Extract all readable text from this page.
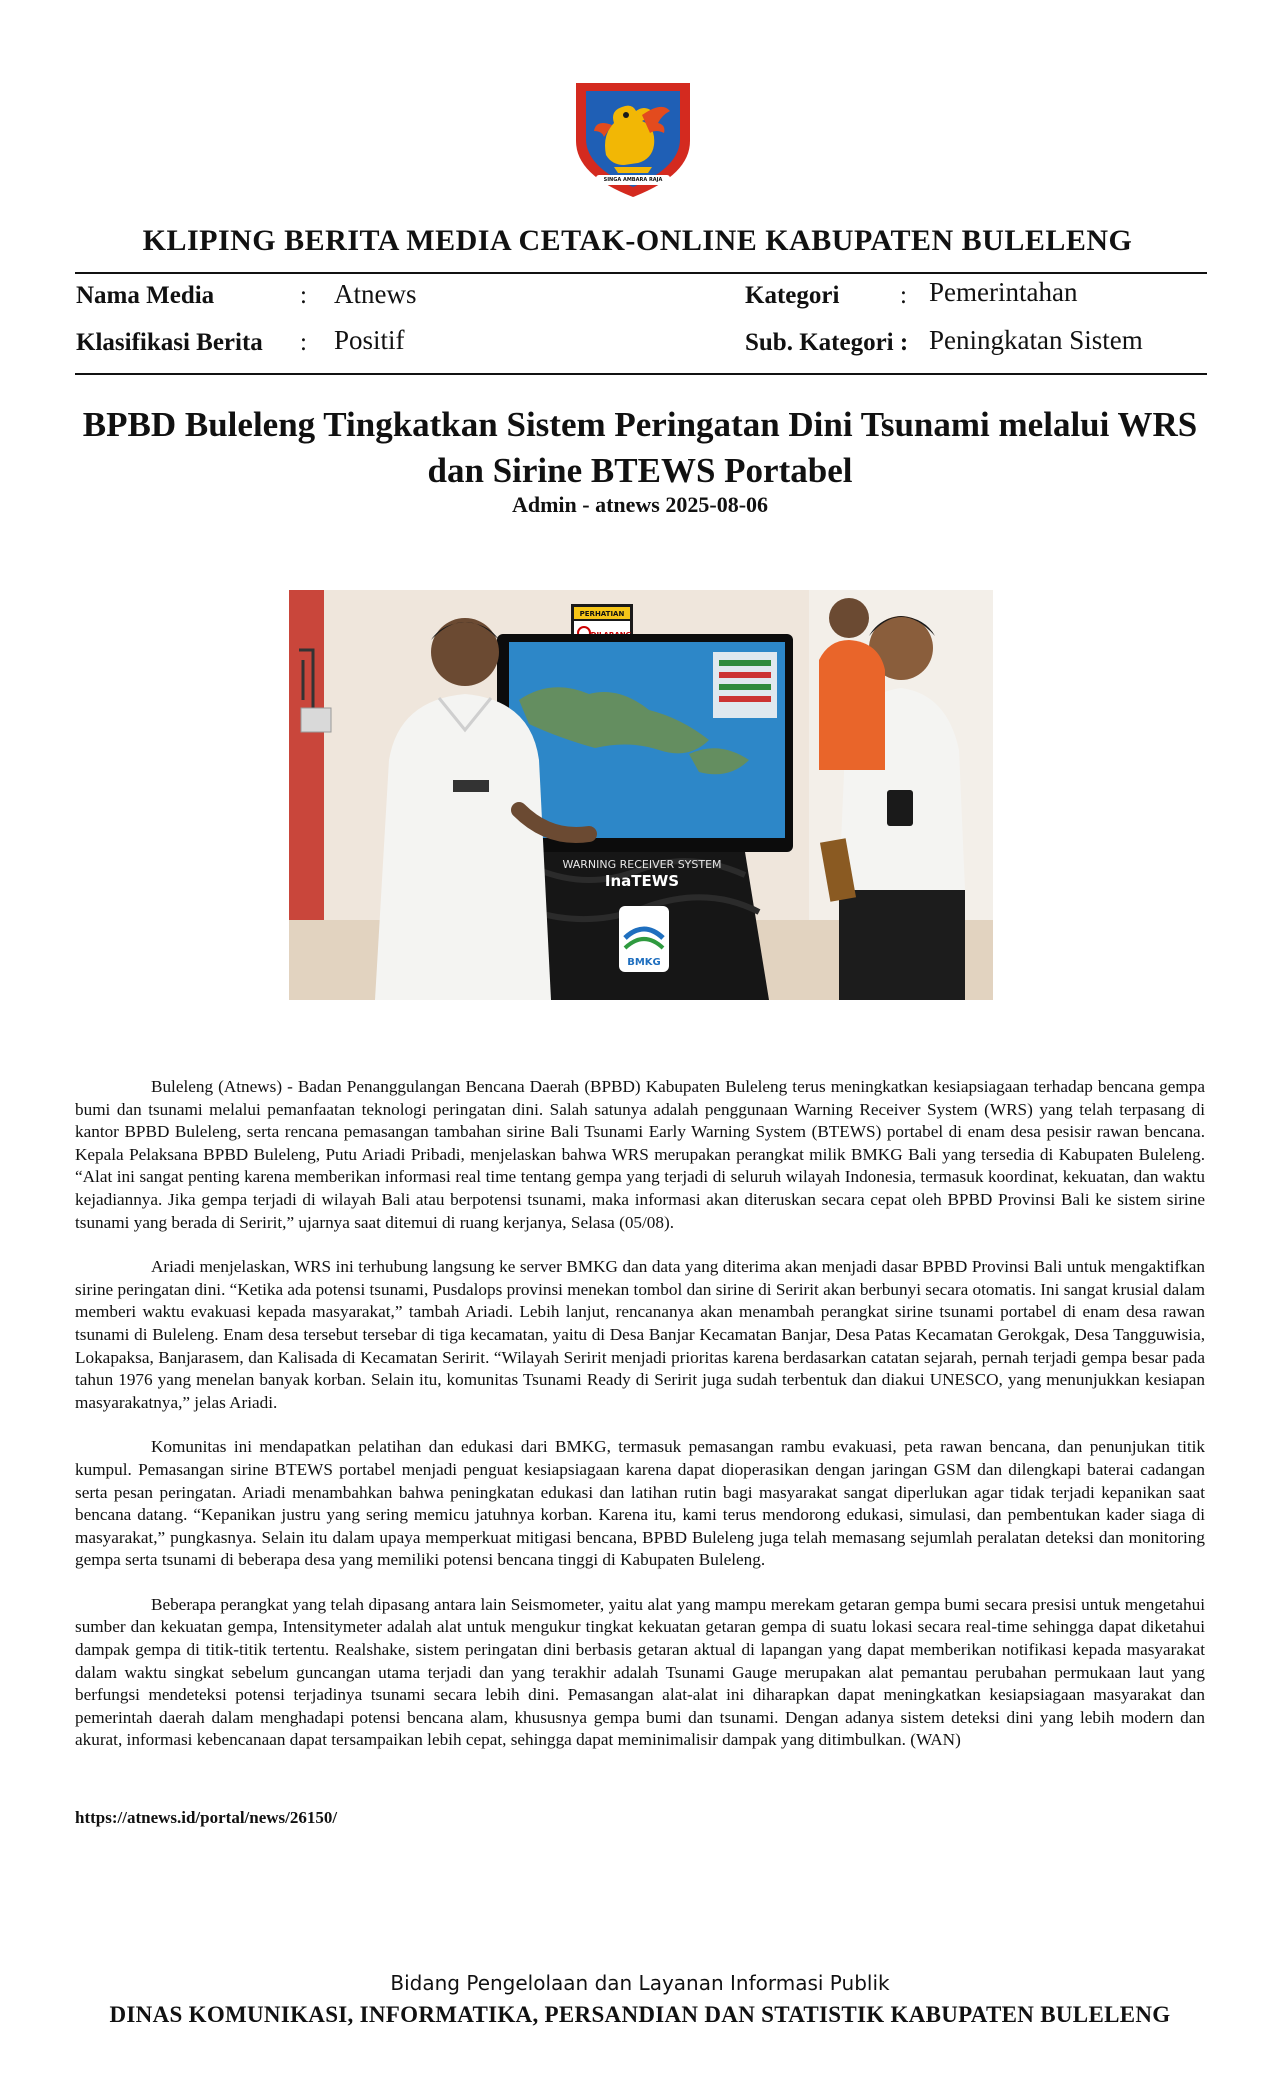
SINGA AMBARA RAJA
KLIPING BERITA MEDIA CETAK-ONLINE KABUPATEN BULELENG
Nama Media	: Atnews	Kategori : Pemerintahan
Klasifikasi Berita : Positif	Sub. Kategori : Peningkatan Sistem
BPBD Buleleng Tingkatkan Sistem Peringatan Dini Tsunami melalui WRS dan Sirine BTEWS Portabel
Admin - atnews 2025-08-06
PERHATIAN
WARNING RECEIVER SYSTEM
InaTEWS
BMKG

Buleleng (Atnews) - Badan Penanggulangan Bencana Daerah (BPBD) Kabupaten Buleleng terus meningkatkan kesiapsiagaan terhadap bencana gempa bumi dan tsunami melalui pemanfaatan teknologi peringatan dini. Salah satunya adalah penggunaan Warning Receiver System (WRS) yang telah terpasang di kantor BPBD Buleleng, serta rencana pemasangan tambahan sirine Bali Tsunami Early Warning System (BTEWS) portabel di enam desa pesisir rawan bencana. Kepala Pelaksana BPBD Buleleng, Putu Ariadi Pribadi, menjelaskan bahwa WRS merupakan perangkat milik BMKG Bali yang tersedia di Kabupaten Buleleng. “Alat ini sangat penting karena memberikan informasi real time tentang gempa yang terjadi di seluruh wilayah Indonesia, termasuk koordinat, kekuatan, dan waktu kejadiannya. Jika gempa terjadi di wilayah Bali atau berpotensi tsunami, maka informasi akan diteruskan secara cepat oleh BPBD Provinsi Bali ke sistem sirine tsunami yang berada di Seririt,” ujarnya saat ditemui di ruang kerjanya, Selasa (05/08).

Ariadi menjelaskan, WRS ini terhubung langsung ke server BMKG dan data yang diterima akan menjadi dasar BPBD Provinsi Bali untuk mengaktifkan sirine peringatan dini. “Ketika ada potensi tsunami, Pusdalops provinsi menekan tombol dan sirine di Seririt akan berbunyi secara otomatis. Ini sangat krusial dalam memberi waktu evakuasi kepada masyarakat,” tambah Ariadi. Lebih lanjut, rencananya akan menambah perangkat sirine tsunami portabel di enam desa rawan tsunami di Buleleng. Enam desa tersebut tersebar di tiga kecamatan, yaitu di Desa Banjar Kecamatan Banjar, Desa Patas Kecamatan Gerokgak, Desa Tangguwisia, Lokapaksa, Banjarasem, dan Kalisada di Kecamatan Seririt. “Wilayah Seririt menjadi prioritas karena berdasarkan catatan sejarah, pernah terjadi gempa besar pada tahun 1976 yang menelan banyak korban. Selain itu, komunitas Tsunami Ready di Seririt juga sudah terbentuk dan diakui UNESCO, yang menunjukkan kesiapan masyarakatnya,” jelas Ariadi.

Komunitas ini mendapatkan pelatihan dan edukasi dari BMKG, termasuk pemasangan rambu evakuasi, peta rawan bencana, dan penunjukan titik kumpul. Pemasangan sirine BTEWS portabel menjadi penguat kesiapsiagaan karena dapat dioperasikan dengan jaringan GSM dan dilengkapi baterai cadangan serta pesan peringatan. Ariadi menambahkan bahwa peningkatan edukasi dan latihan rutin bagi masyarakat sangat diperlukan agar tidak terjadi kepanikan saat bencana datang. “Kepanikan justru yang sering memicu jatuhnya korban. Karena itu, kami terus mendorong edukasi, simulasi, dan pembentukan kader siaga di masyarakat,” pungkasnya. Selain itu dalam upaya memperkuat mitigasi bencana, BPBD Buleleng juga telah memasang sejumlah peralatan deteksi dan monitoring gempa serta tsunami di beberapa desa yang memiliki potensi bencana tinggi di Kabupaten Buleleng.

Beberapa perangkat yang telah dipasang antara lain Seismometer, yaitu alat yang mampu merekam getaran gempa bumi secara presisi untuk mengetahui sumber dan kekuatan gempa, Intensitymeter adalah alat untuk mengukur tingkat kekuatan getaran gempa di suatu lokasi secara real-time sehingga dapat diketahui dampak gempa di titik-titik tertentu. Realshake, sistem peringatan dini berbasis getaran aktual di lapangan yang dapat memberikan notifikasi kepada masyarakat dalam waktu singkat sebelum guncangan utama terjadi dan yang terakhir adalah Tsunami Gauge merupakan alat pemantau perubahan permukaan laut yang berfungsi mendeteksi potensi terjadinya tsunami secara lebih dini. Pemasangan alat-alat ini diharapkan dapat meningkatkan kesiapsiagaan masyarakat dan pemerintah daerah dalam menghadapi potensi bencana alam, khususnya gempa bumi dan tsunami. Dengan adanya sistem deteksi dini yang lebih modern dan akurat, informasi kebencanaan dapat tersampaikan lebih cepat, sehingga dapat meminimalisir dampak yang ditimbulkan. (WAN)

https://atnews.id/portal/news/26150/
Bidang Pengelolaan dan Layanan Informasi Publik
DINAS KOMUNIKASI, INFORMATIKA, PERSANDIAN DAN STATISTIK KABUPATEN BULELENG
